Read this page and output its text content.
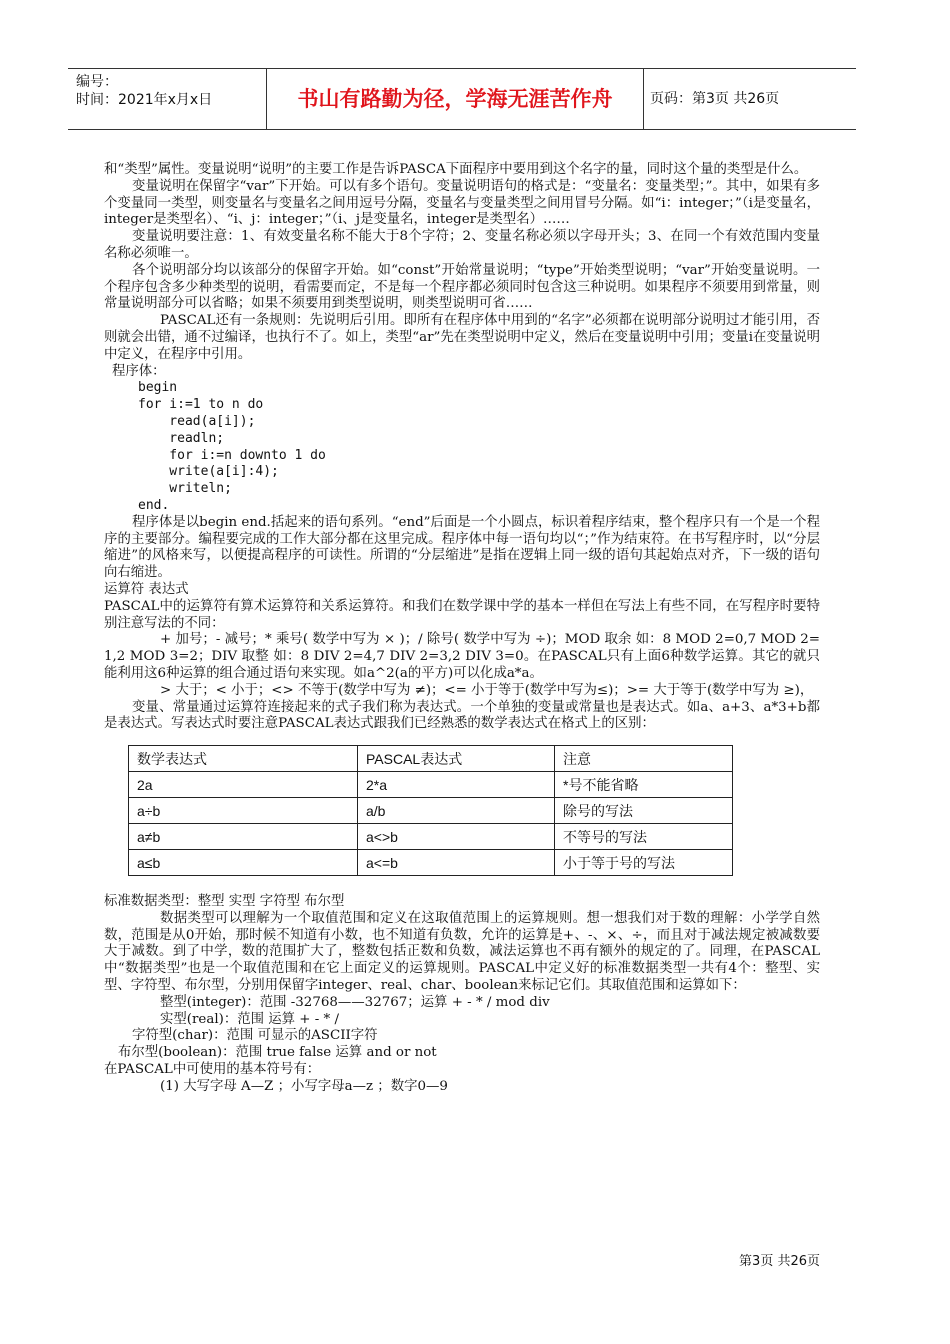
编号：
时间：2021年x月x日	书山有路勤为径，学海无涯苦作舟	页码：第3页 共26页

和“类型”属性。变量说明“说明”的主要工作是告诉PASCA下面程序中要用到这个名字的量，同时这个量的类型是什么。

变量说明在保留字“var”下开始。可以有多个语句。变量说明语句的格式是：“变量名：变量类型；”。其中，如果有多个变量同一类型，则变量名与变量名之间用逗号分隔，变量名与变量类型之间用冒号分隔。如“i：integer；”（i是变量名，integer是类型名）、“i、j：integer；”（i、j是变量名，integer是类型名）……

变量说明要注意：1、有效变量名称不能大于8个字符；2、变量名称必须以字母开头；3、在同一个有效范围内变量名称必须唯一。

各个说明部分均以该部分的保留字开始。如“const”开始常量说明；“type”开始类型说明；“var”开始变量说明。一个程序包含多少种类型的说明，看需要而定，不是每一个程序都必须同时包含这三种说明。如果程序不须要用到常量，则常量说明部分可以省略；如果不须要用到类型说明，则类型说明可省……

PASCAL还有一条规则：先说明后引用。即所有在程序体中用到的“名字”必须都在说明部分说明过才能引用，否则就会出错，通不过编译，也执行不了。如上，类型“ar”先在类型说明中定义，然后在变量说明中引用；变量i在变量说明中定义，在程序中引用。

程序体：

begin
for i:=1 to n do
read(a[i]);
readln;
for i:=n downto 1 do
write(a[i]:4);
writeln;
end.

程序体是以begin end.括起来的语句系列。“end”后面是一个小圆点，标识着程序结束，整个程序只有一个是一个程序的主要部分。编程要完成的工作大部分都在这里完成。程序体中每一语句均以“；”作为结束符。在书写程序时，以“分层缩进”的风格来写，以便提高程序的可读性。所谓的“分层缩进”是指在逻辑上同一级的语句其起始点对齐，下一级的语句向右缩进。

运算符 表达式

PASCAL中的运算符有算术运算符和关系运算符。和我们在数学课中学的基本一样但在写法上有些不同，在写程序时要特别注意写法的不同：

+ 加号；- 减号；* 乘号( 数学中写为 × )；/ 除号( 数学中写为 ÷)；MOD 取余 如：8 MOD 2=0,7 MOD 2=1,2 MOD 3=2；DIV 取整 如：8 DIV 2=4,7 DIV 2=3,2 DIV 3=0。在PASCAL只有上面6种数学运算。其它的就只能利用这6种运算的组合通过语句来实现。如a^2(a的平方)可以化成a*a。

> 大于；< 小于；<> 不等于(数学中写为 ≠)；<= 小于等于(数学中写为≤)；>= 大于等于(数学中写为 ≥)，

变量、常量通过运算符连接起来的式子我们称为表达式。一个单独的变量或常量也是表达式。如a、a+3、a*3+b都是表达式。写表达式时要注意PASCAL表达式跟我们已经熟悉的数学表达式在格式上的区别：

数学表达式	PASCAL表达式	注意
2a	2*a	*号不能省略
a÷b	a/b	除号的写法
a≠b	a<>b	不等号的写法
a≤b	a<=b	小于等于号的写法

标准数据类型：整型 实型 字符型 布尔型

数据类型可以理解为一个取值范围和定义在这取值范围上的运算规则。想一想我们对于数的理解：小学学自然数，范围是从0开始，那时候不知道有小数，也不知道有负数，允许的运算是+、-、×、÷，而且对于减法规定被减数要大于减数。到了中学，数的范围扩大了，整数包括正数和负数，减法运算也不再有额外的规定的了。同理，在PASCAL中“数据类型”也是一个取值范围和在它上面定义的运算规则。PASCAL中定义好的标准数据类型一共有4个：整型、实型、字符型、布尔型，分别用保留字integer、real、char、boolean来标记它们。其取值范围和运算如下：

整型(integer)：范围 -32768——32767；运算 + - * / mod div

实型(real)：范围 运算 + - * /

字符型(char)：范围 可显示的ASCII字符

布尔型(boolean)：范围 true false 运算 and or not

在PASCAL中可使用的基本符号有：

(1) 大写字母 A—Z ；小写字母a—z ；数字0—9

第3页 共26页
